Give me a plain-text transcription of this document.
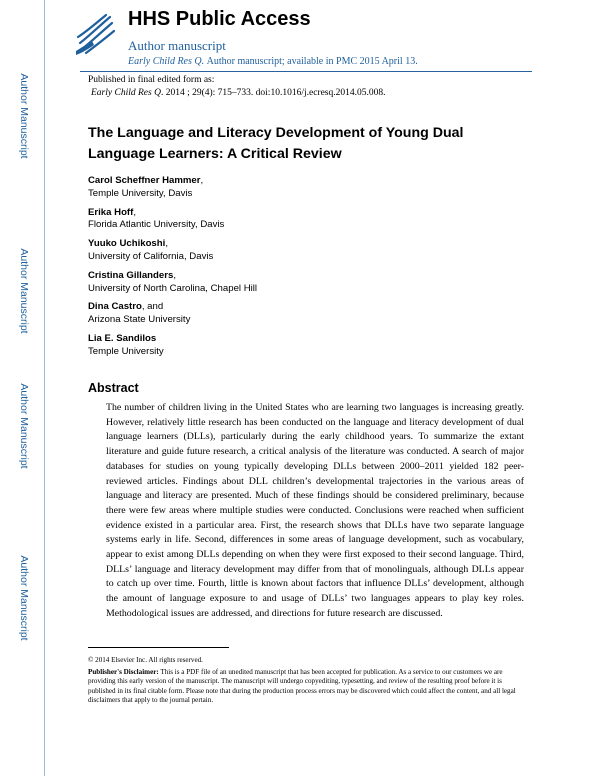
Author Manuscript
Author Manuscript
Author Manuscript
Author Manuscript
HHS Public Access
Author manuscript
Early Child Res Q. Author manuscript; available in PMC 2015 April 13.
Published in final edited form as:
Early Child Res Q. 2014 ; 29(4): 715–733. doi:10.1016/j.ecresq.2014.05.008.
The Language and Literacy Development of Young Dual Language Learners: A Critical Review
Carol Scheffner Hammer,
Temple University, Davis
Erika Hoff,
Florida Atlantic University, Davis
Yuuko Uchikoshi,
University of California, Davis
Cristina Gillanders,
University of North Carolina, Chapel Hill
Dina Castro, and
Arizona State University
Lia E. Sandilos
Temple University
Abstract
The number of children living in the United States who are learning two languages is increasing greatly. However, relatively little research has been conducted on the language and literacy development of dual language learners (DLLs), particularly during the early childhood years. To summarize the extant literature and guide future research, a critical analysis of the literature was conducted. A search of major databases for studies on young typically developing DLLs between 2000–2011 yielded 182 peer-reviewed articles. Findings about DLL children’s developmental trajectories in the various areas of language and literacy are presented. Much of these findings should be considered preliminary, because there were few areas where multiple studies were conducted. Conclusions were reached when sufficient evidence existed in a particular area. First, the research shows that DLLs have two separate language systems early in life. Second, differences in some areas of language development, such as vocabulary, appear to exist among DLLs depending on when they were first exposed to their second language. Third, DLLs’ language and literacy development may differ from that of monolinguals, although DLLs appear to catch up over time. Fourth, little is known about factors that influence DLLs’ development, although the amount of language exposure to and usage of DLLs’ two languages appears to play key roles. Methodological issues are addressed, and directions for future research are discussed.

© 2014 Elsevier Inc. All rights reserved.

Publisher's Disclaimer: This is a PDF file of an unedited manuscript that has been accepted for publication. As a service to our customers we are providing this early version of the manuscript. The manuscript will undergo copyediting, typesetting, and review of the resulting proof before it is published in its final citable form. Please note that during the production process errors may be discovered which could affect the content, and all legal disclaimers that apply to the journal pertain.
